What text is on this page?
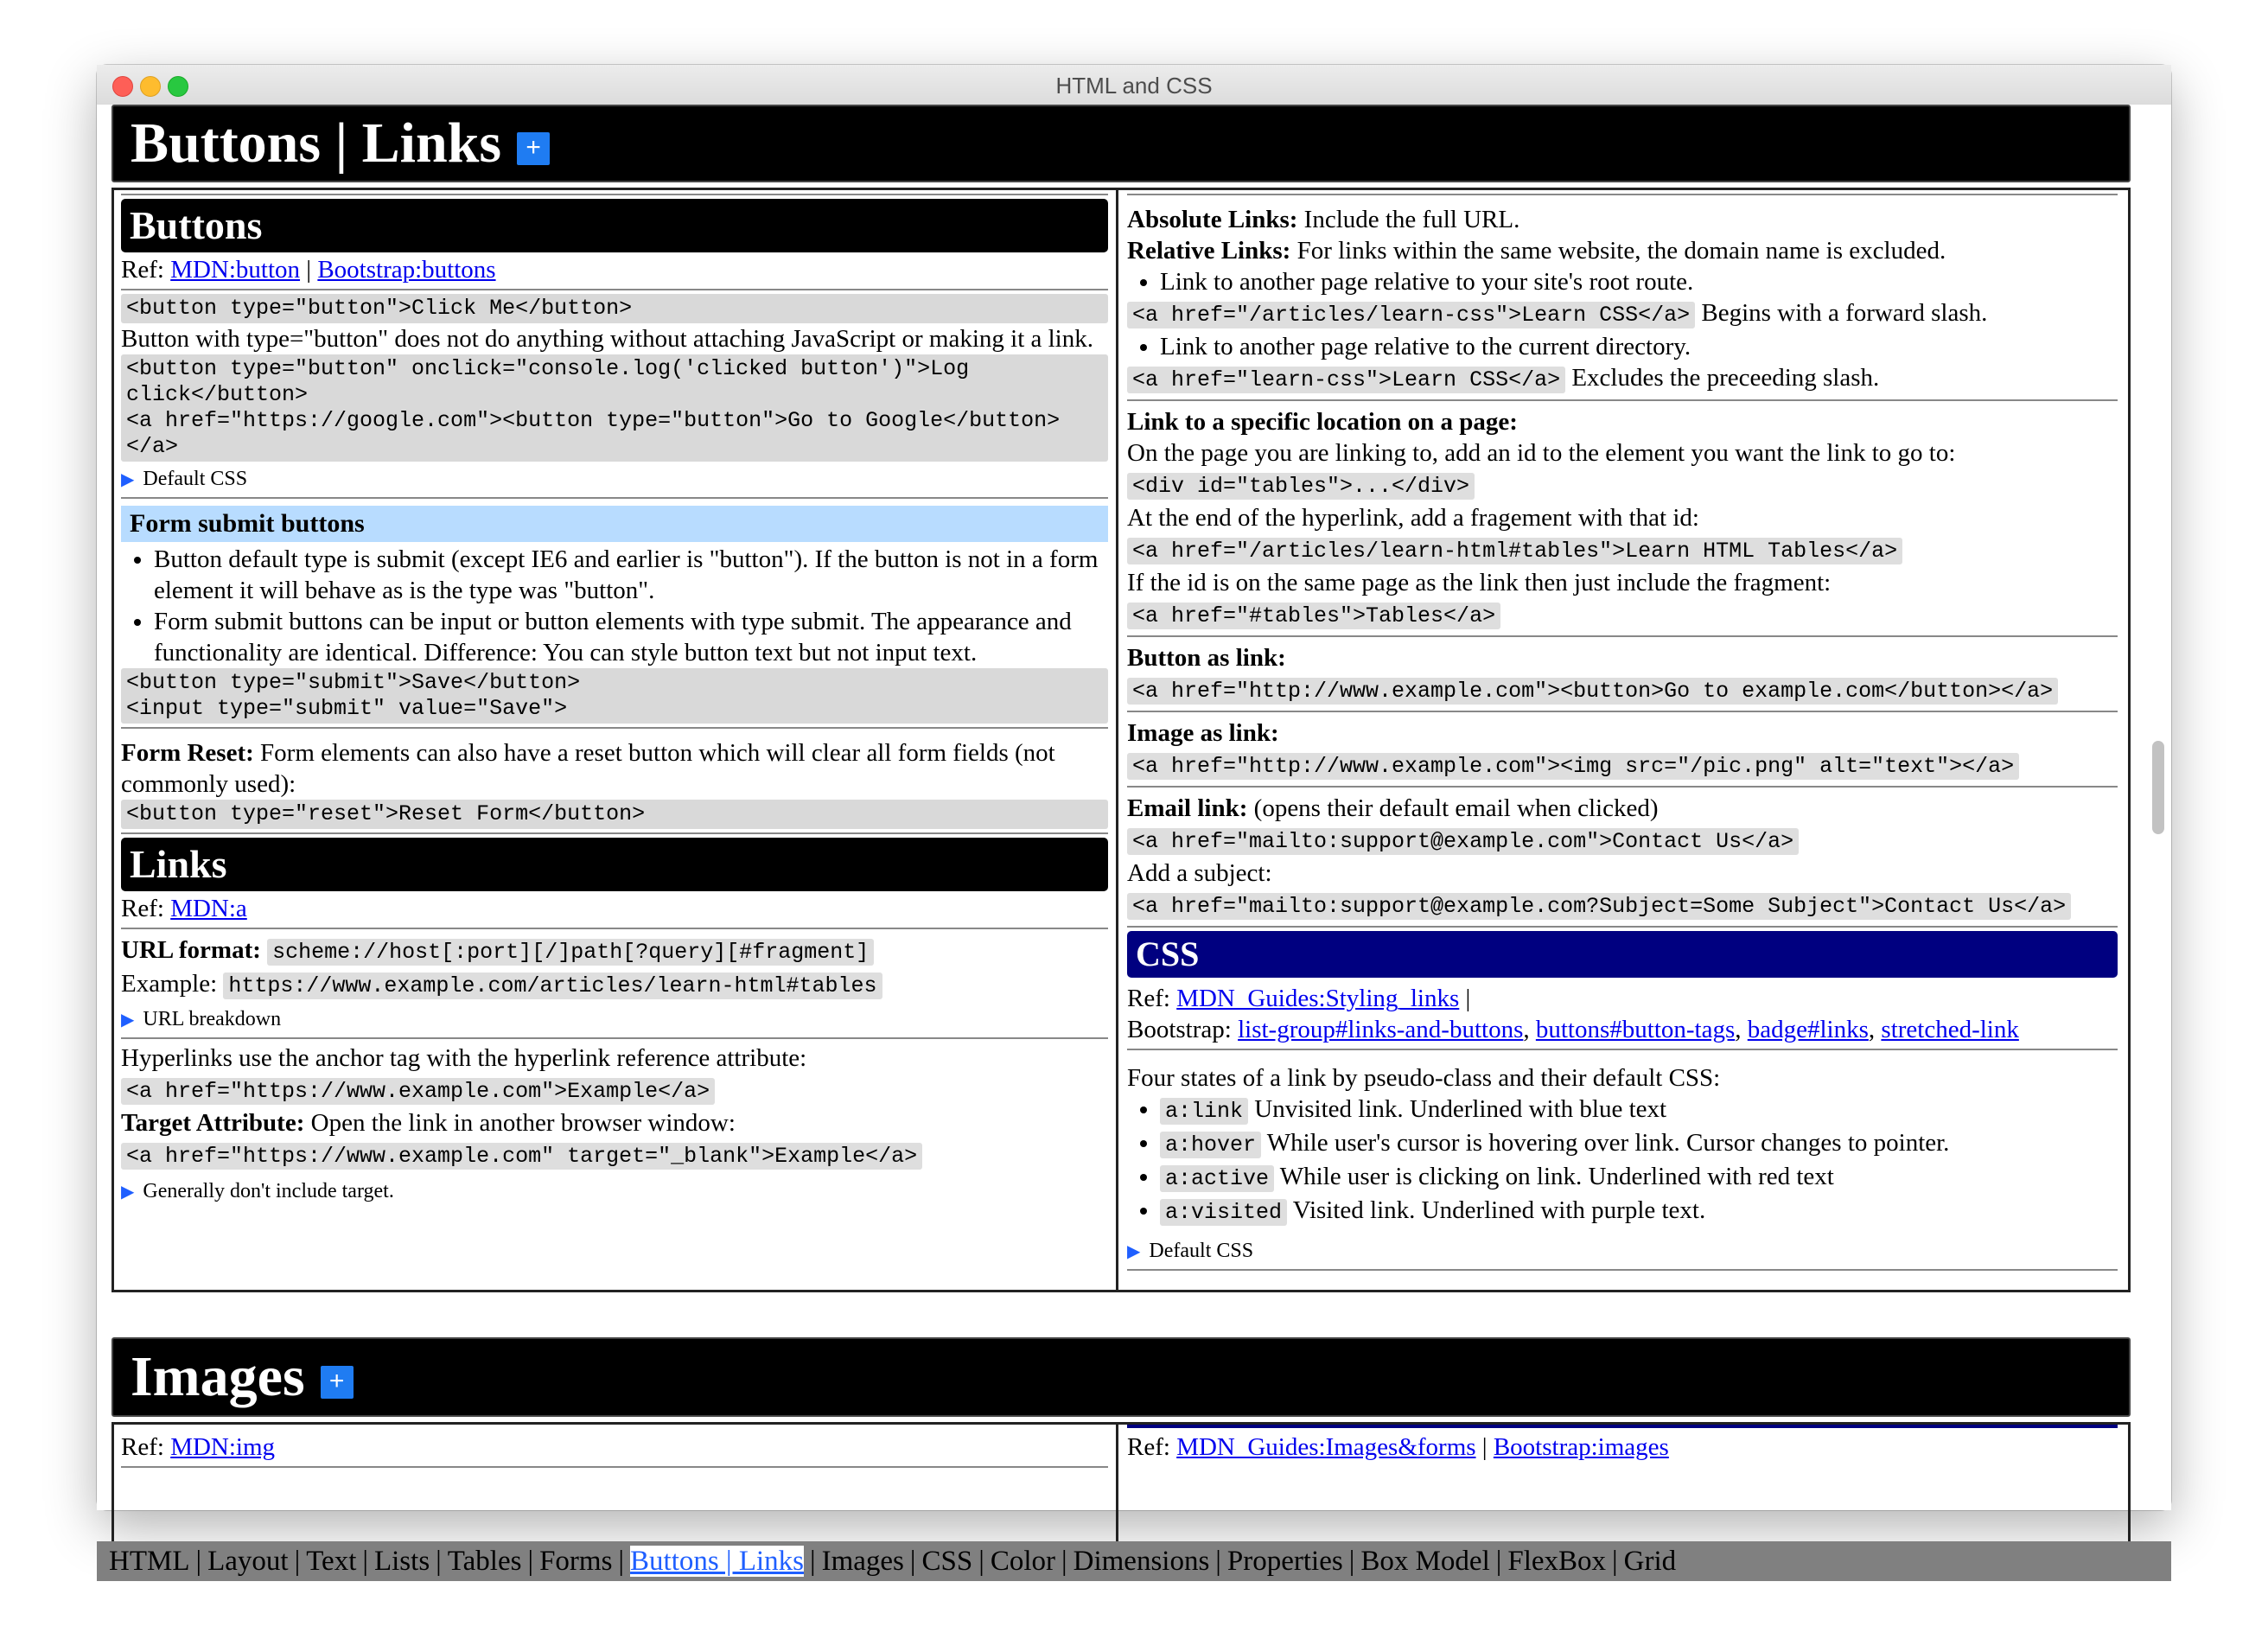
HTML and CSS
Buttons | Links +
Buttons
Ref: MDN:button | Bootstrap:buttons
<button type="button">Click Me</button>
Button with type="button" does not do anything without attaching JavaScript or making it a link.
<button type="button" onclick="console.log('clicked button')">Log click</button>
<a href="https://google.com"><button type="button">Go to Google</button></a>
▶ Default CSS
Form submit buttons
• Button default type is submit (except IE6 and earlier is "button"). If the button is not in a form element it will behave as is the type was "button".
• Form submit buttons can be input or button elements with type submit. The appearance and functionality are identical. Difference: You can style button text but not input text.
<button type="submit">Save</button>
<input type="submit" value="Save">
Form Reset: Form elements can also have a reset button which will clear all form fields (not commonly used):
<button type="reset">Reset Form</button>
Links
Ref: MDN:a
URL format: scheme://host[:port][/]path[?query][#fragment]
Example: https://www.example.com/articles/learn-html#tables
▶ URL breakdown
Hyperlinks use the anchor tag with the hyperlink reference attribute:
<a href="https://www.example.com">Example</a>
Target Attribute: Open the link in another browser window:
<a href="https://www.example.com" target="_blank">Example</a>
▶ Generally don't include target.
Absolute Links: Include the full URL.
Relative Links: For links within the same website, the domain name is excluded.
• Link to another page relative to your site's root route.
<a href="/articles/learn-css">Learn CSS</a> Begins with a forward slash.
• Link to another page relative to the current directory.
<a href="learn-css">Learn CSS</a> Excludes the preceeding slash.
Link to a specific location on a page:
On the page you are linking to, add an id to the element you want the link to go to:
<div id="tables">...</div>
At the end of the hyperlink, add a fragement with that id:
<a href="/articles/learn-html#tables">Learn HTML Tables</a>
If the id is on the same page as the link then just include the fragment:
<a href="#tables">Tables</a>
Button as link:
<a href="http://www.example.com"><button>Go to example.com</button></a>
Image as link:
<a href="http://www.example.com"><img src="/pic.png" alt="text"></a>
Email link: (opens their default email when clicked)
<a href="mailto:support@example.com">Contact Us</a>
Add a subject:
<a href="mailto:support@example.com?Subject=Some Subject">Contact Us</a>
CSS
Ref: MDN_Guides:Styling_links |
Bootstrap: list-group#links-and-buttons, buttons#button-tags, badge#links, stretched-link
Four states of a link by pseudo-class and their default CSS:
• a:link Unvisited link. Underlined with blue text
• a:hover While user's cursor is hovering over link. Cursor changes to pointer.
• a:active While user is clicking on link. Underlined with red text
• a:visited Visited link. Underlined with purple text.
▶ Default CSS
Images +
Ref: MDN:img	Ref: MDN_Guides:Images&forms | Bootstrap:images
HTML | Layout | Text | Lists | Tables | Forms | Buttons | Links | Images | CSS | Color | Dimensions | Properties | Box Model | FlexBox | Grid
